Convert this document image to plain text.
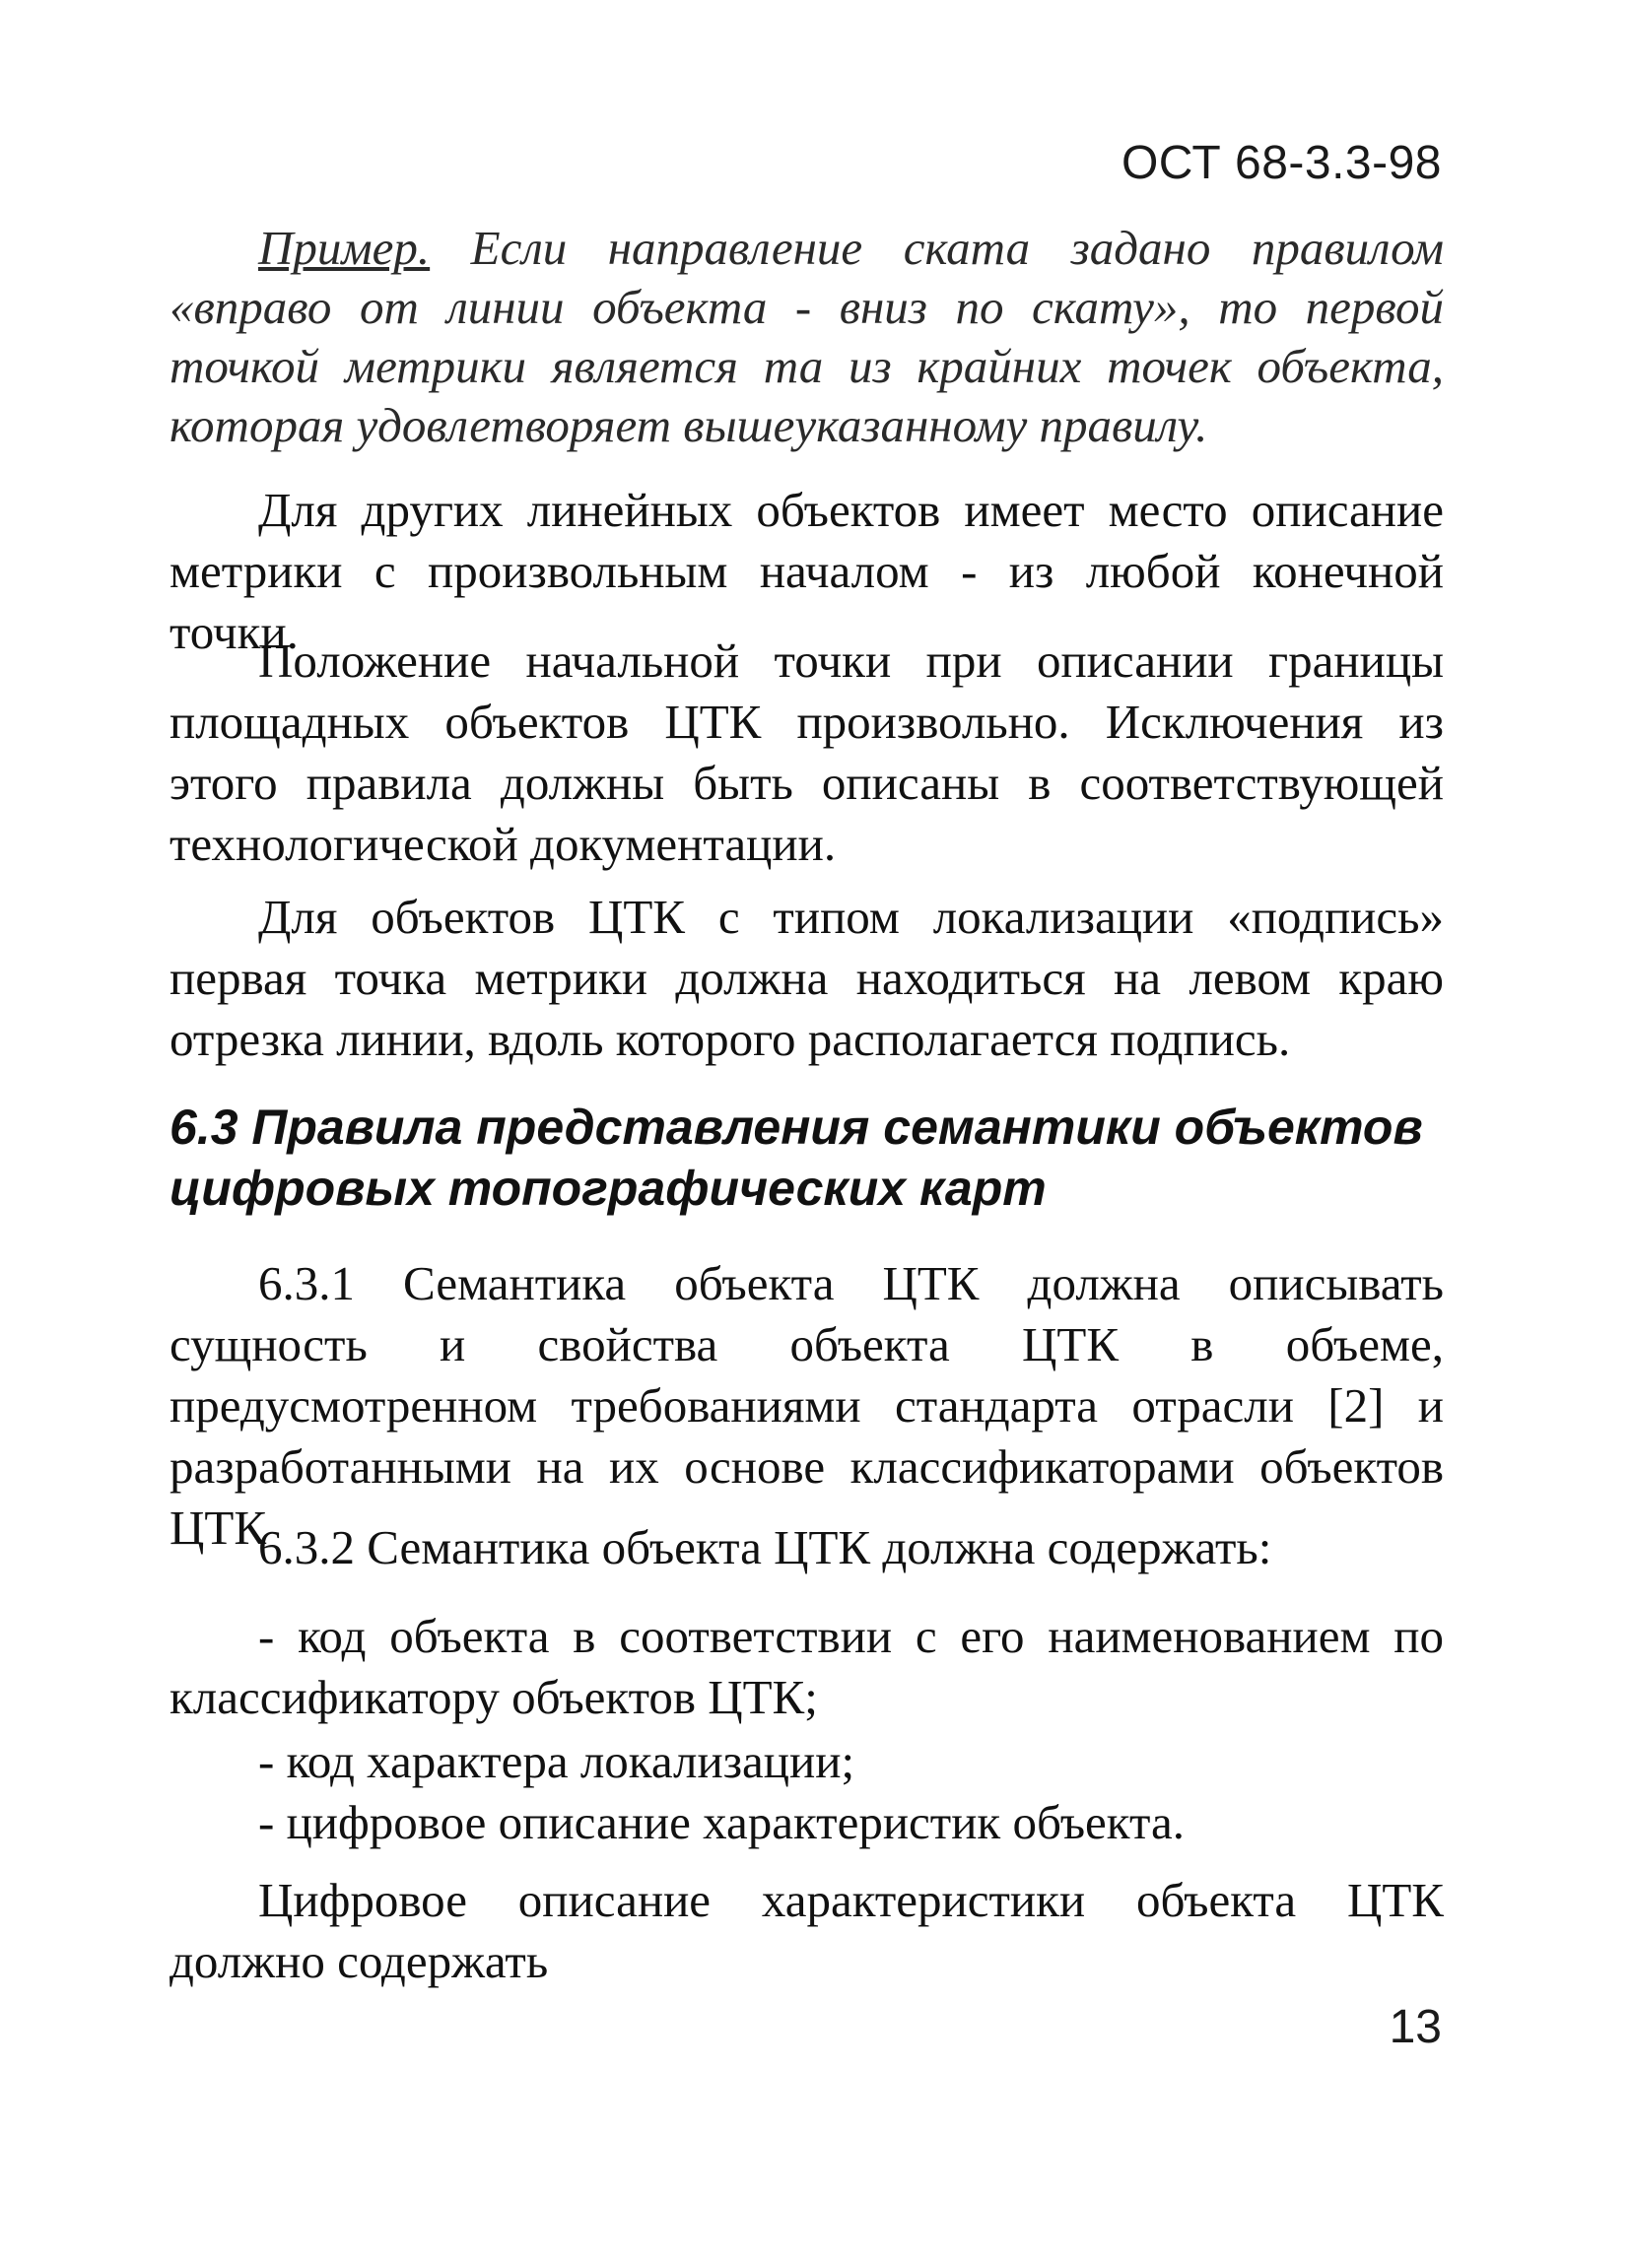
ОСТ 68-3.3-98

Пример. Если направление ската задано правилом «вправо от линии объекта - вниз по скату», то первой точкой метрики является та из крайних точек объекта, которая удовлетворяет вышеуказанному правилу.

Для других линейных объектов имеет место описание метрики с произвольным началом - из любой конечной точки.

Положение начальной точки при описании границы площадных объектов ЦТК произвольно. Исключения из этого правила должны быть описаны в соответствующей технологической документации.

Для объектов ЦТК с типом локализации «подпись» первая точка метрики должна находиться на левом краю отрезка линии, вдоль которого располагается подпись.

6.3 Правила представления семантики объектов цифровых топографических карт

6.3.1 Семантика объекта ЦТК должна описывать сущность и свойства объекта ЦТК в объеме, предусмотренном требованиями стандарта отрасли [2] и разработанными на их основе классификаторами объектов ЦТК

6.3.2 Семантика объекта ЦТК должна содержать:

- код объекта в соответствии с его наименованием по классификатору объектов ЦТК;

- код характера локализации;

- цифровое описание характеристик объекта.

Цифровое описание характеристики объекта ЦТК должно содержать

13
